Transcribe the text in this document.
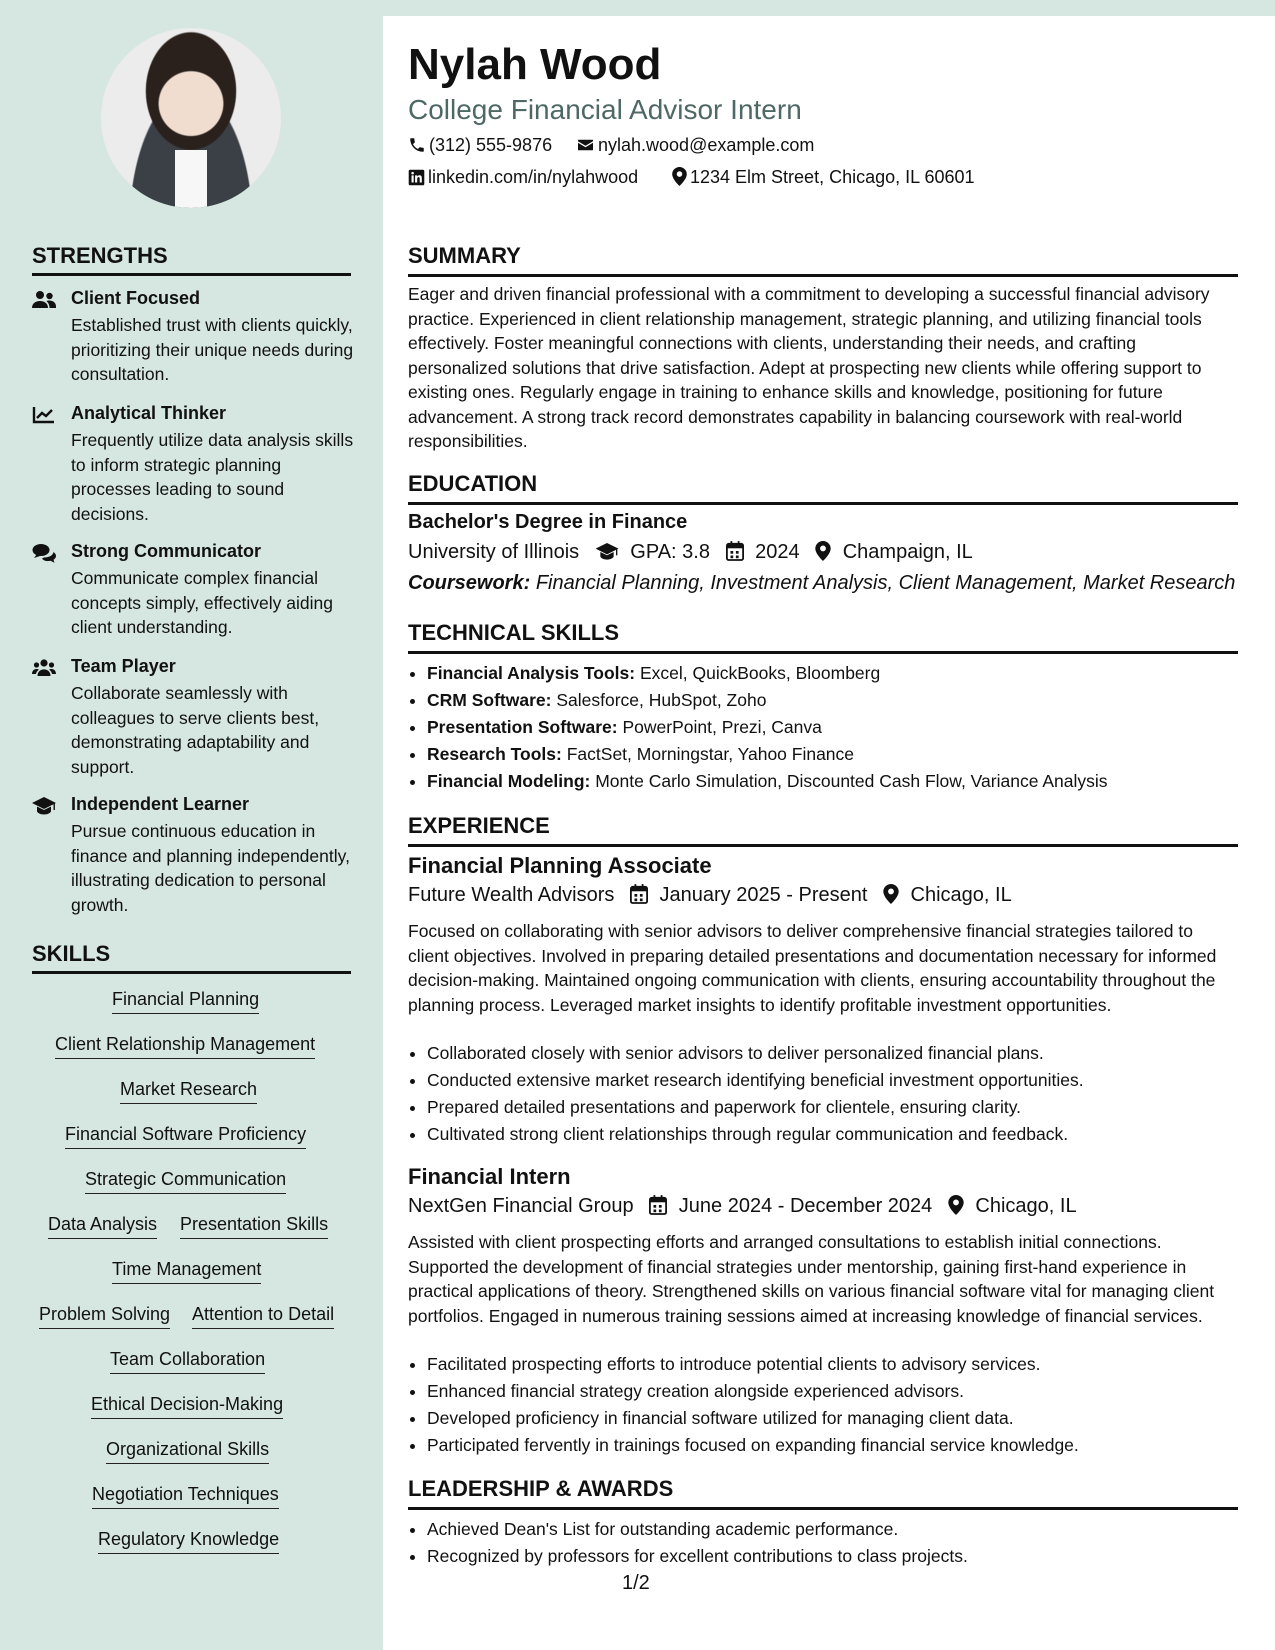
Nylah Wood
College Financial Advisor Intern
(312) 555-9876	nylah.wood@example.com
linkedin.com/in/nylahwood	1234 Elm Street, Chicago, IL 60601
STRENGTHS
Client Focused
Established trust with clients quickly, prioritizing their unique needs during consultation.
Analytical Thinker
Frequently utilize data analysis skills to inform strategic planning processes leading to sound decisions.
Strong Communicator
Communicate complex financial concepts simply, effectively aiding client understanding.
Team Player
Collaborate seamlessly with colleagues to serve clients best, demonstrating adaptability and support.
Independent Learner
Pursue continuous education in finance and planning independently, illustrating dedication to personal growth.
SKILLS
Financial Planning
Client Relationship Management
Market Research
Financial Software Proficiency
Strategic Communication
Data Analysis Presentation Skills
Time Management
Problem Solving Attention to Detail
Team Collaboration
Ethical Decision-Making
Organizational Skills
Negotiation Techniques
Regulatory Knowledge
SUMMARY
Eager and driven financial professional with a commitment to developing a successful financial advisory practice. Experienced in client relationship management, strategic planning, and utilizing financial tools effectively. Foster meaningful connections with clients, understanding their needs, and crafting personalized solutions that drive satisfaction. Adept at prospecting new clients while offering support to existing ones. Regularly engage in training to enhance skills and knowledge, positioning for future advancement. A strong track record demonstrates capability in balancing coursework with real-world responsibilities.
EDUCATION
Bachelor's Degree in Finance
University of Illinois	GPA: 3.8 2024 Champaign, IL
Coursework: Financial Planning, Investment Analysis, Client Management, Market Research
TECHNICAL SKILLS
• Financial Analysis Tools: Excel, QuickBooks, Bloomberg
• CRM Software: Salesforce, HubSpot, Zoho
• Presentation Software: PowerPoint, Prezi, Canva
• Research Tools: FactSet, Morningstar, Yahoo Finance
• Financial Modeling: Monte Carlo Simulation, Discounted Cash Flow, Variance Analysis
EXPERIENCE
Financial Planning Associate
Future Wealth Advisors January 2025 - Present Chicago, IL
Focused on collaborating with senior advisors to deliver comprehensive financial strategies tailored to client objectives. Involved in preparing detailed presentations and documentation necessary for informed decision-making. Maintained ongoing communication with clients, ensuring accountability throughout the planning process. Leveraged market insights to identify profitable investment opportunities.
• Collaborated closely with senior advisors to deliver personalized financial plans.
• Conducted extensive market research identifying beneficial investment opportunities.
• Prepared detailed presentations and paperwork for clientele, ensuring clarity.
• Cultivated strong client relationships through regular communication and feedback.
Financial Intern
NextGen Financial Group June 2024 - December 2024 Chicago, IL
Assisted with client prospecting efforts and arranged consultations to establish initial connections. Supported the development of financial strategies under mentorship, gaining first-hand experience in practical applications of theory. Strengthened skills on various financial software vital for managing client portfolios. Engaged in numerous training sessions aimed at increasing knowledge of financial services.
• Facilitated prospecting efforts to introduce potential clients to advisory services.
• Enhanced financial strategy creation alongside experienced advisors.
• Developed proficiency in financial software utilized for managing client data.
• Participated fervently in trainings focused on expanding financial service knowledge.
LEADERSHIP & AWARDS
• Achieved Dean's List for outstanding academic performance.
• Recognized by professors for excellent contributions to class projects.
1/2
